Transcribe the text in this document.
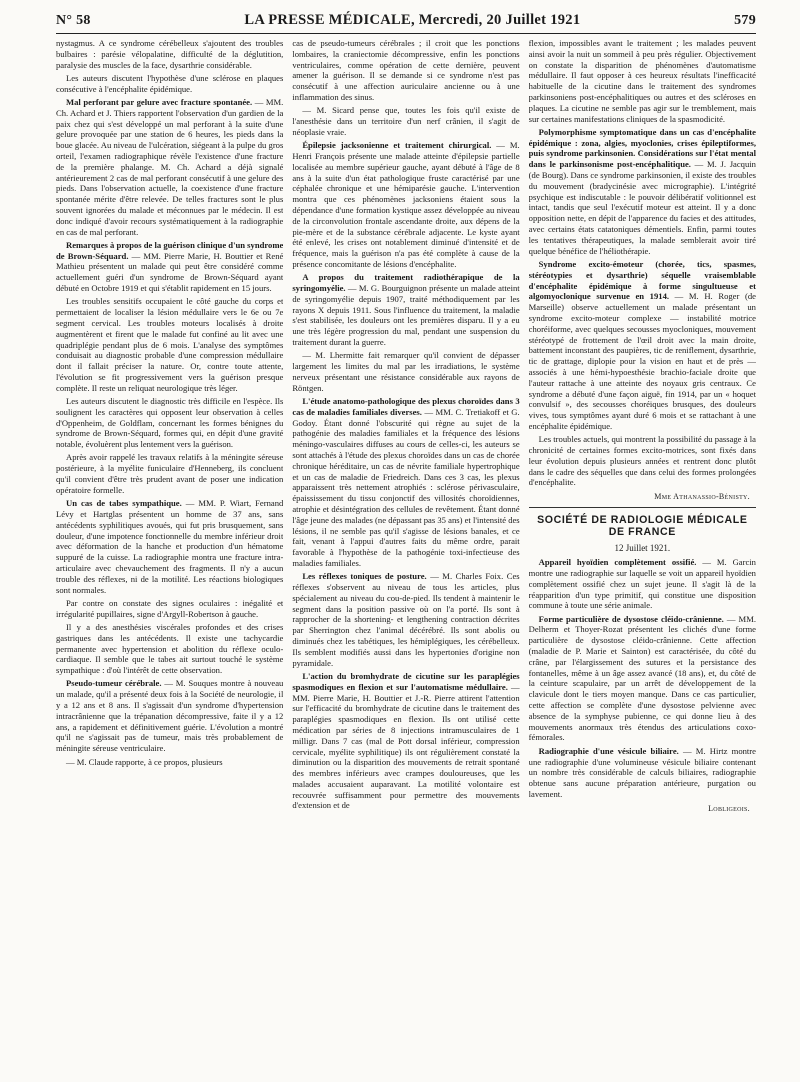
N° 58	LA PRESSE MÉDICALE, Mercredi, 20 Juillet 1921	579

nystagmus. A ce syndrome cérébelleux s'ajoutent des troubles bulbaires : parésie vélopalatine, difficulté de la déglutition, paralysie des muscles de la face, dysarthrie considérable.

Les auteurs discutent l'hypothèse d'une sclérose en plaques consécutive à l'encéphalite épidémique.

Mal perforant par gelure avec fracture spontanée. — MM. Ch. Achard et J. Thiers rapportent l'observation d'un gardien de la paix chez qui s'est développé un mal perforant à la suite d'une gelure provoquée par une station de 6 heures, les pieds dans la boue glacée. Au niveau de l'ulcération, siégeant à la pulpe du gros orteil, l'examen radiographique révèle l'existence d'une fracture de la première phalange. M. Ch. Achard a déjà signalé antérieurement 2 cas de mal perforant consécutif à une gelure des pieds. Dans l'observation actuelle, la coexistence d'une fracture spontanée mérite d'être relevée. De telles fractures sont le plus souvent ignorées du malade et méconnues par le médecin. Il est donc indiqué d'avoir recours systématiquement à la radiographie en cas de mal perforant.

Remarques à propos de la guérison clinique d'un syndrome de Brown-Séquard. — MM. Pierre Marie, H. Bouttier et René Mathieu présentent un malade qui peut être considéré comme actuellement guéri d'un syndrome de Brown-Séquard ayant débuté en Octobre 1919 et qui s'établit rapidement en 15 jours.

Les troubles sensitifs occupaient le côté gauche du corps et permettaient de localiser la lésion médullaire vers le 6e ou 7e segment cervical. Les troubles moteurs localisés à droite augmentèrent et firent que le malade fut confiné au lit avec une quadriplégie pendant plus de 6 mois. L'analyse des symptômes conduisait au diagnostic probable d'une compression médullaire dont il fallait préciser la nature. Or, contre toute attente, l'évolution se fit progressivement vers la guérison presque complète. Il reste un reliquat neurologique très léger.

Les auteurs discutent le diagnostic très difficile en l'espèce. Ils soulignent les caractères qui opposent leur observation à celles d'Oppenheim, de Goldflam, concernant les formes bénignes du syndrome de Brown-Séquard, formes qui, en dépit d'une gravité notable, évoluèrent plus lentement vers la guérison.

Après avoir rappelé les travaux relatifs à la méningite séreuse postérieure, à la myélite funiculaire d'Henneberg, ils concluent qu'il convient d'être très prudent avant de poser une indication opératoire formelle.

Un cas de tabes sympathique. — MM. P. Wiart, Fernand Lévy et Hartglas présentent un homme de 37 ans, sans antécédents syphilitiques avoués, qui fut pris brusquement, sans douleur, d'une impotence fonctionnelle du membre inférieur droit avec déformation de la hanche et production d'un hématome suppuré de la cuisse. La radiographie montra une fracture intra-articulaire avec chevauchement des fragments. Il n'y a aucun trouble des réflexes, ni de la motilité. Les réactions biologiques sont normales.

Par contre on constate des signes oculaires : inégalité et irrégularité pupillaires, signe d'Argyll-Robertson à gauche.

Il y a des anesthésies viscérales profondes et des crises gastriques dans les antécédents. Il existe une tachycardie permanente avec hypertension et abolition du réflexe oculo-cardiaque. Il semble que le tabes ait surtout touché le système sympathique : d'où l'intérêt de cette observation.

Pseudo-tumeur cérébrale. — M. Souques montre à nouveau un malade, qu'il a présenté deux fois à la Société de neurologie, il y a 12 ans et 8 ans. Il s'agissait d'un syndrome d'hypertension intracrânienne que la trépanation décompressive, faite il y a 12 ans, a rapidement et définitivement guérie. L'évolution a montré qu'il ne s'agissait pas de tumeur, mais très probablement de méningite séreuse ventriculaire.

— M. Claude rapporte, à ce propos, plusieurs

cas de pseudo-tumeurs cérébrales ; il croit que les ponctions lombaires, la craniectomie décompressive, enfin les ponctions ventriculaires, comme opération de cette dernière, peuvent amener la guérison. Il se demande si ce syndrome n'est pas consécutif à une affection auriculaire ancienne ou à une inflammation des sinus.

— M. Sicard pense que, toutes les fois qu'il existe de l'anesthésie dans un territoire d'un nerf crânien, il s'agit de néoplasie vraie.

Épilepsie jacksonienne et traitement chirurgical. — M. Henri François présente une malade atteinte d'épilepsie partielle localisée au membre supérieur gauche, ayant débuté à l'âge de 8 ans à la suite d'un état pathologique fruste caractérisé par une céphalée chronique et une hémiparésie gauche. L'intervention montra que ces phénomènes jacksoniens étaient sous la dépendance d'une formation kystique assez développée au niveau de la circonvolution frontale ascendante droite, aux dépens de la pie-mère et de la substance cérébrale adjacente. Le kyste ayant été enlevé, les crises ont notablement diminué d'intensité et de fréquence, mais la guérison n'a pas été complète à cause de la présence concomitante de lésions d'encéphalite.

A propos du traitement radiothérapique de la syringomyélie. — M. G. Bourguignon présente un malade atteint de syringomyélie depuis 1907, traité méthodiquement par les rayons X depuis 1911. Sous l'influence du traitement, la maladie s'est stabilisée, les douleurs ont les premières disparu. Il y a eu une très légère progression du mal, pendant une suspension du traitement durant la guerre.

— M. Lhermitte fait remarquer qu'il convient de dépasser largement les limites du mal par les irradiations, le système nerveux présentant une résistance considérable aux rayons de Röntgen.

L'étude anatomo-pathologique des plexus choroïdes dans 3 cas de maladies familiales diverses. — MM. C. Tretiakoff et G. Godoy. Étant donné l'obscurité qui règne au sujet de la pathogénie des maladies familiales et la fréquence des lésions méningo-vasculaires diffuses au cours de celles-ci, les auteurs se sont attachés à l'étude des plexus choroïdes dans un cas de chorée chronique héréditaire, un cas de névrite familiale hypertrophique et un cas de maladie de Friedreich. Dans ces 3 cas, les plexus apparaissent très nettement atrophiés : sclérose périvasculaire, épaississement du tissu conjonctif des villosités choroïdiennes, atrophie et désintégration des cellules de revêtement. Étant donné l'âge jeune des malades (ne dépassant pas 35 ans) et l'intensité des lésions, il ne semble pas qu'il s'agisse de lésions banales, et ce fait, venant à l'appui d'autres faits du même ordre, parait favorable à l'hypothèse de la pathogénie toxi-infectieuse des maladies familiales.

Les réflexes toniques de posture. — M. Charles Foix. Ces réflexes s'observent au niveau de tous les articles, plus spécialement au niveau du cou-de-pied. Ils tendent à maintenir le segment dans la position passive où on l'a porté. Ils sont à rapprocher de la shortening- et lengthening contraction décrites par Sherrington chez l'animal décérébré. Ils sont abolis ou diminués chez les tabétiques, les hémiplégiques, les cérébelleux. Ils semblent modifiés aussi dans les hypertonies d'origine non pyramidale.

L'action du bromhydrate de cicutine sur les paraplégies spasmodiques en flexion et sur l'automatisme médullaire. — MM. Pierre Marie, H. Bouttier et J.-R. Pierre attirent l'attention sur l'efficacité du bromhydrate de cicutine dans le traitement des paraplégies spasmodiques en flexion. Ils ont utilisé cette médication par séries de 8 injections intramusculaires de 1 milligr. Dans 7 cas (mal de Pott dorsal inférieur, compression cervicale, myélite syphilitique) ils ont régulièrement constaté la diminution ou la disparition des mouvements de retrait spontané des membres inférieurs avec crampes douloureuses, que les malades accusaient auparavant. La motilité volontaire est recouvrée suffisamment pour permettre des mouvements d'extension et de

flexion, impossibles avant le traitement ; les malades peuvent ainsi avoir la nuit un sommeil à peu près régulier. Objectivement on constate la disparition de phénomènes d'automatisme médullaire. Il faut opposer à ces heureux résultats l'inefficacité habituelle de la cicutine dans le traitement des syndromes parkinsoniens post-encéphalitiques ou autres et des scléroses en plaques. La cicutine ne semble pas agir sur le tremblement, mais sur certaines manifestations cliniques de la spasmodicité.

Polymorphisme symptomatique dans un cas d'encéphalite épidémique : zona, algies, myoclonies, crises épileptiformes, puis syndrome parkinsonien. Considérations sur l'état mental dans le parkinsonisme post-encéphalitique. — M. J. Jacquin (de Bourg). Dans ce syndrome parkinsonien, il existe des troubles du mouvement (bradycinésie avec micrographie). L'intégrité psychique est indiscutable : le pouvoir délibératif volitionnel est intact, tandis que seul l'exécutif moteur est atteint. Il y a donc opposition nette, en dépit de l'apparence du facies et des attitudes, avec certains états catatoniques démentiels. Enfin, parmi toutes les tentatives thérapeutiques, la malade semblerait avoir tiré quelque bénéfice de l'héliothérapie.

Syndrome excito-émoteur (chorée, tics, spasmes, stéréotypies et dysarthrie) séquelle vraisemblable d'encéphalite épidémique à forme singultueuse et algomyoclonique survenue en 1914. — M. H. Roger (de Marseille) observe actuellement un malade présentant un syndrome excito-moteur complexe — instabilité motrice choréiforme, avec quelques secousses myocloniques, mouvement stéréotypé de frottement de l'œil droit avec la main droite, battement inconstant des paupières, tic de reniflement, dysarthrie, tic de grattage, diplopie pour la vision en haut et de près — associés à une hémi-hypoesthésie brachio-faciale droite que l'auteur rattache à une atteinte des noyaux gris centraux. Ce syndrome a débuté d'une façon aiguë, fin 1914, par un « hoquet convulsif », des secousses choréiques brusques, des douleurs vives, tous symptômes ayant duré 6 mois et se rattachant à une encéphalite épidémique.

Les troubles actuels, qui montrent la possibilité du passage à la chronicité de certaines formes excito-motrices, sont fixés dans leur évolution depuis plusieurs années et rentrent donc plutôt dans le cadre des séquelles que dans celui des formes prolongées d'encéphalite.

Mme Athanassio-Bénisty.
SOCIÉTÉ DE RADIOLOGIE MÉDICALE DE FRANCE
12 Juillet 1921.

Appareil hyoïdien complètement ossifié. — M. Garcin montre une radiographie sur laquelle se voit un appareil hyoïdien complètement ossifié chez un sujet jeune. Il s'agit là de la réapparition d'un type primitif, qui constitue une disposition commune à toute une série animale.

Forme particulière de dysostose cléido-crânienne. — MM. Delherm et Thoyer-Rozat présentent les clichés d'une forme particulière de dysostose cléido-crânienne. Cette affection (maladie de P. Marie et Sainton) est caractérisée, du côté du crâne, par l'élargissement des sutures et la persistance des fontanelles, même à un âge assez avancé (18 ans), et, du côté de la ceinture scapulaire, par un arrêt de développement de la clavicule dont le tiers moyen manque. Dans ce cas particulier, cette affection se complète d'une dysostose pelvienne avec absence de la symphyse pubienne, ce qui donne lieu à des mouvements anormaux très étendus des articulations coxo-fémorales.

Radiographie d'une vésicule biliaire. — M. Hirtz montre une radiographie d'une volumineuse vésicule biliaire contenant un nombre très considérable de calculs biliaires, radiographie obtenue sans aucune préparation antérieure, purgation ou lavement.

Lobligeois.
